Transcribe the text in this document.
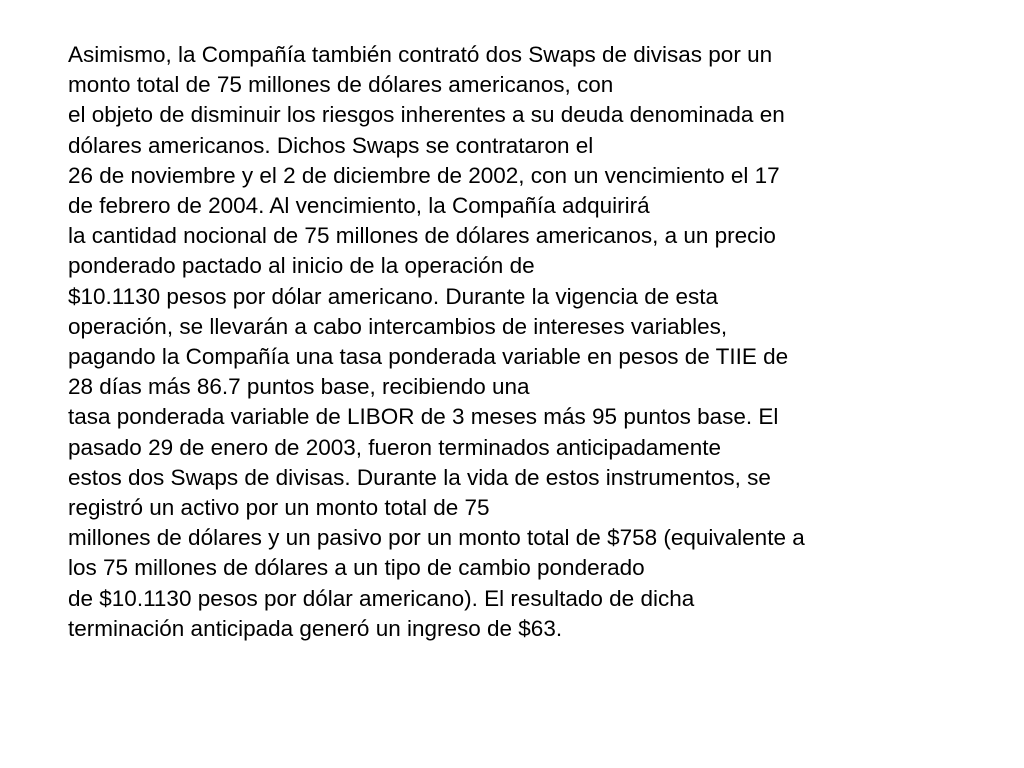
Asimismo, la Compañía también contrató dos Swaps de divisas por un
monto total de 75 millones de dólares americanos, con
el objeto de disminuir los riesgos inherentes a su deuda denominada en
dólares americanos. Dichos Swaps se contrataron el
26 de noviembre y el 2 de diciembre de 2002, con un vencimiento el 17
de febrero de 2004. Al vencimiento, la Compañía adquirirá
la cantidad nocional de 75 millones de dólares americanos, a un precio
ponderado pactado al inicio de la operación de
$10.1130 pesos por dólar americano. Durante la vigencia de esta
operación, se llevarán a cabo intercambios de intereses variables,
pagando la Compañía una tasa ponderada variable en pesos de TIIE de
28 días más 86.7 puntos base, recibiendo una
tasa ponderada variable de LIBOR de 3 meses más 95 puntos base. El
pasado 29 de enero de 2003, fueron terminados anticipadamente
estos dos Swaps de divisas. Durante la vida de estos instrumentos, se
registró un activo por un monto total de 75
millones de dólares y un pasivo por un monto total de $758 (equivalente a
los 75 millones de dólares a un tipo de cambio ponderado
de $10.1130 pesos por dólar americano). El resultado de dicha
terminación anticipada generó un ingreso de $63.
